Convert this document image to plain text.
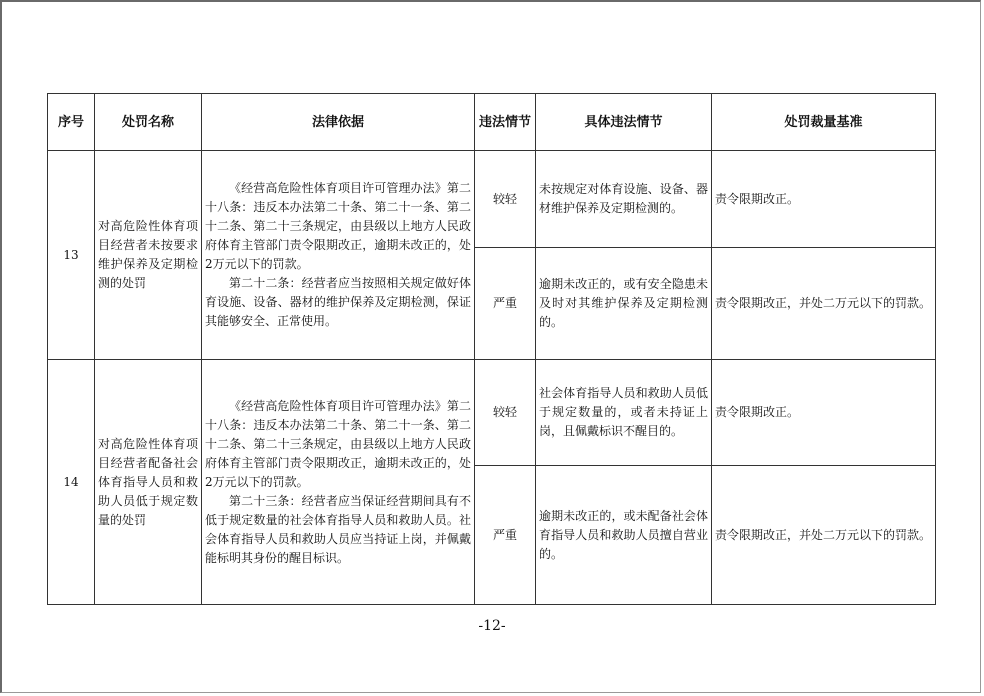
序号	处罚名称	法律依据	违法情节	具体违法情节	处罚裁量基准
13	对高危险性体育项目经营者未按要求维护保养及定期检测的处罚	《经营高危险性体育项目许可管理办法》第二十八条：违反本办法第二十条、第二十一条、第二十二条、第二十三条规定，由县级以上地方人民政府体育主管部门责令限期改正，逾期未改正的，处2万元以下的罚款。

第二十二条：经营者应当按照相关规定做好体育设施、设备、器材的维护保养及定期检测，保证其能够安全、正常使用。	较轻	未按规定对体育设施、设备、器材维护保养及定期检测的。	责令限期改正。
			严重	逾期未改正的，或有安全隐患未及时对其维护保养及定期检测的。	责令限期改正，并处二万元以下的罚款。
14	对高危险性体育项目经营者配备社会体育指导人员和救助人员低于规定数量的处罚	《经营高危险性体育项目许可管理办法》第二十八条：违反本办法第二十条、第二十一条、第二十二条、第二十三条规定，由县级以上地方人民政府体育主管部门责令限期改正，逾期未改正的，处2万元以下的罚款。

第二十三条：经营者应当保证经营期间具有不低于规定数量的社会体育指导人员和救助人员。社会体育指导人员和救助人员应当持证上岗，并佩戴能标明其身份的醒目标识。	较轻	社会体育指导人员和救助人员低于规定数量的，或者未持证上岗，且佩戴标识不醒目的。	责令限期改正。
			严重	逾期未改正的，或未配备社会体育指导人员和救助人员擅自营业的。	责令限期改正，并处二万元以下的罚款。
-12-
